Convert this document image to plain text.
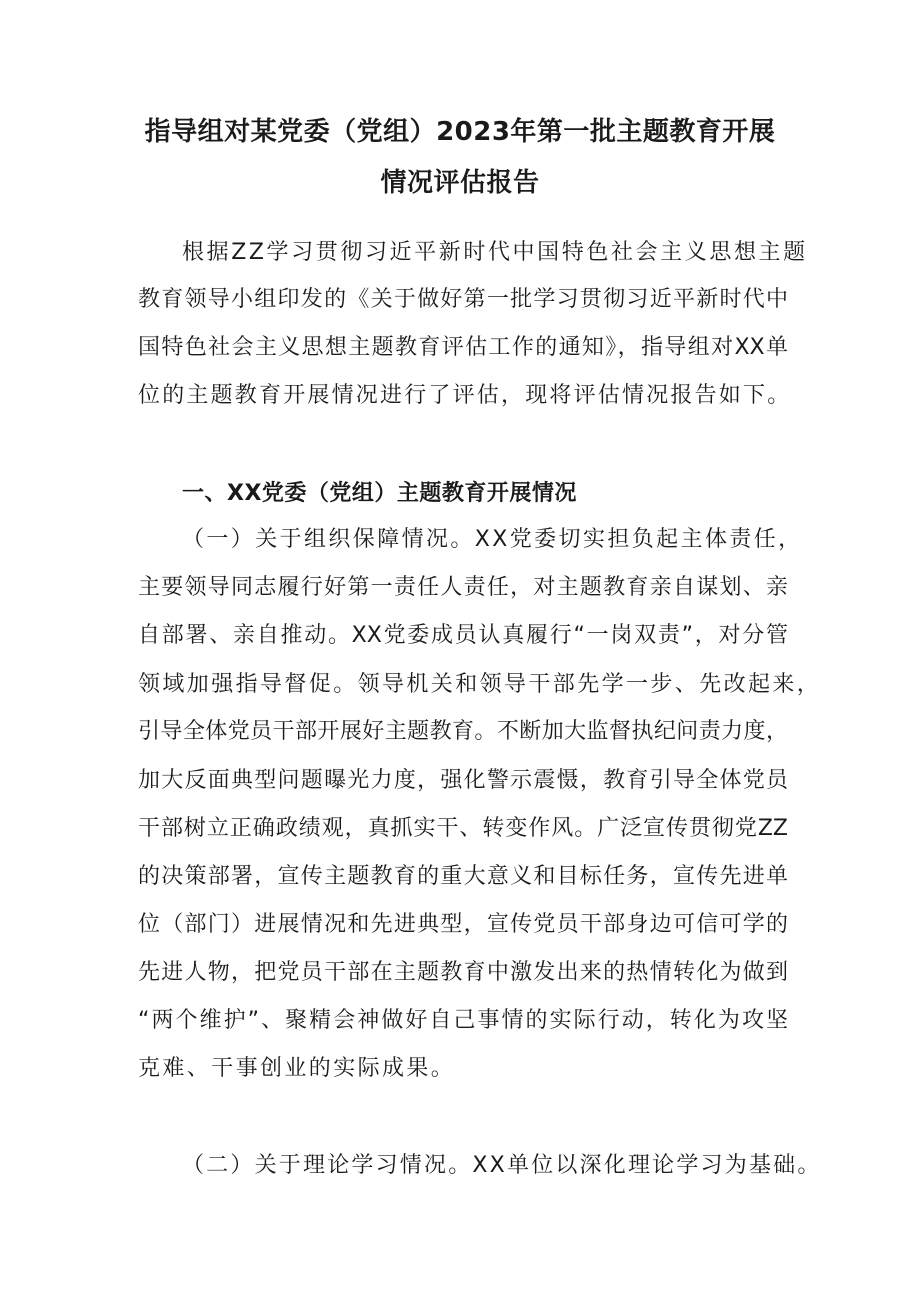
指导组对某党委（党组）2023年第一批主题教育开展
情况评估报告
根据ZZ学习贯彻习近平新时代中国特色社会主义思想主题
教育领导小组印发的《关于做好第一批学习贯彻习近平新时代中
国特色社会主义思想主题教育评估工作的通知》，指导组对XX单
位的主题教育开展情况进行了评估，现将评估情况报告如下。
一、XX党委（党组）主题教育开展情况
（一）关于组织保障情况。XX党委切实担负起主体责任，
主要领导同志履行好第一责任人责任，对主题教育亲自谋划、亲
自部署、亲自推动。XX党委成员认真履行“一岗双责”，对分管
领域加强指导督促。领导机关和领导干部先学一步、先改起来，
引导全体党员干部开展好主题教育。不断加大监督执纪问责力度，
加大反面典型问题曝光力度，强化警示震慑，教育引导全体党员
干部树立正确政绩观，真抓实干、转变作风。广泛宣传贯彻党ZZ
的决策部署，宣传主题教育的重大意义和目标任务，宣传先进单
位（部门）进展情况和先进典型，宣传党员干部身边可信可学的
先进人物，把党员干部在主题教育中激发出来的热情转化为做到
“两个维护”、聚精会神做好自己事情的实际行动，转化为攻坚
克难、干事创业的实际成果。
（二）关于理论学习情况。XX单位以深化理论学习为基础。
